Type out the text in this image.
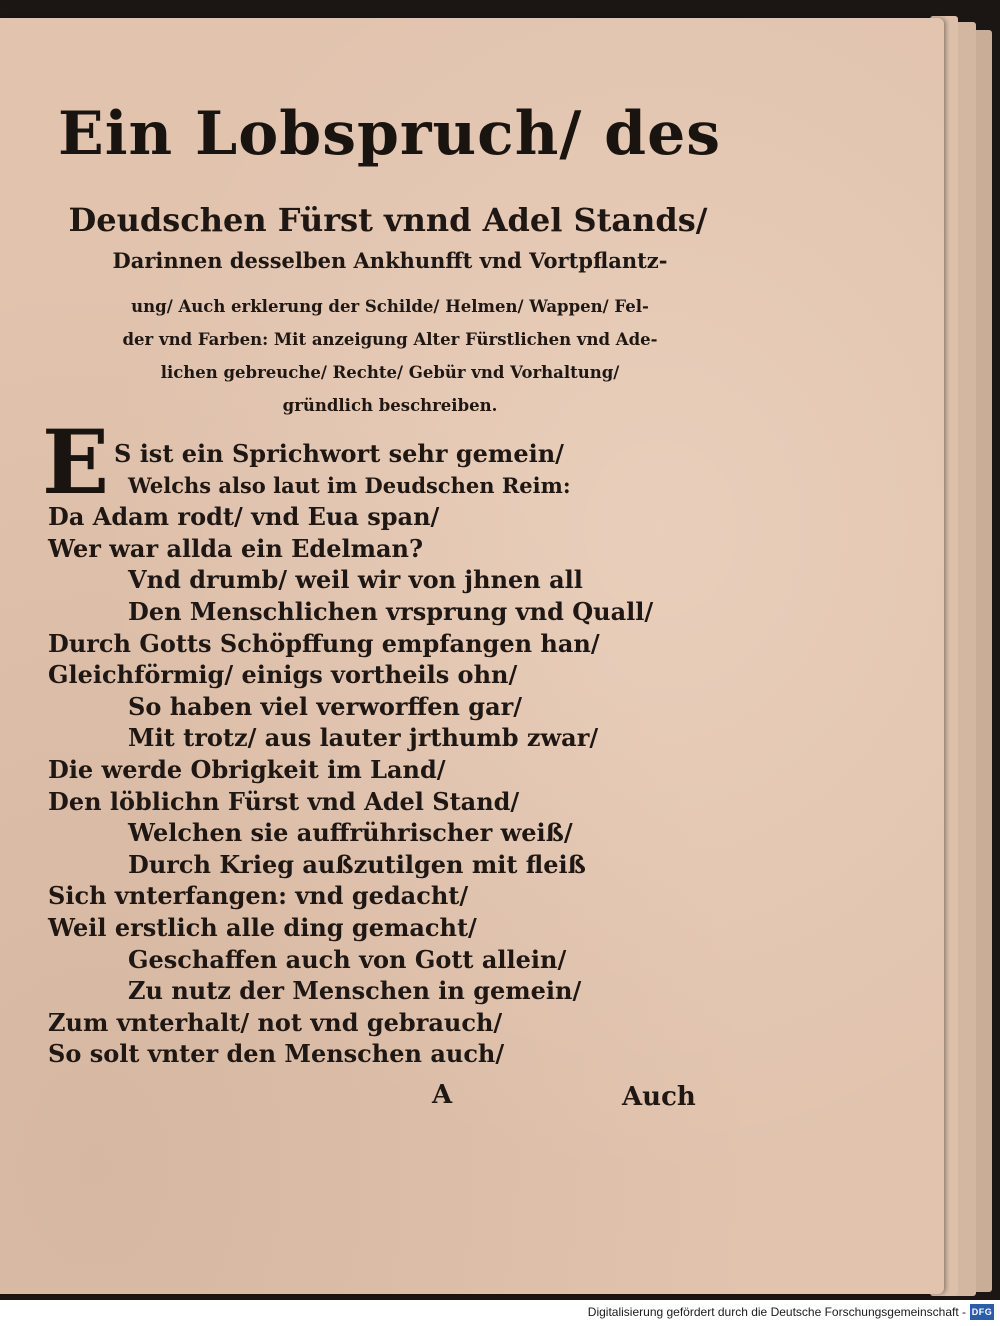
Ein Lobspruch/ des
Deudschen Fürst vnnd Adel Stands/
Darinnen desselben Ankhunfft vnd Vortpflantz-
ung/ Auch erklerung der Schilde/ Helmen/ Wappen/ Fel-
der vnd Farben: Mit anzeigung Alter Fürstlichen vnd Ade-
lichen gebreuche/ Rechte/ Gebür vnd Vorhaltung/
gründlich beschreiben.
E S ist ein Sprichwort sehr gemein/
Welchs also laut im Deudschen Reim:
Da Adam rodt/ vnd Eua span/
Wer war allda ein Edelman?
Vnd drumb/ weil wir von jhnen all
Den Menschlichen vrsprung vnd Quall/
Durch Gotts Schöpffung empfangen han/
Gleichförmig/ einigs vortheils ohn/
So haben viel verworffen gar/
Mit trotz/ aus lauter jrthumb zwar/
Die werde Obrigkeit im Land/
Den löblichn Fürst vnd Adel Stand/
Welchen sie auffrührischer weiß/
Durch Krieg außzutilgen mit fleiß
Sich vnterfangen: vnd gedacht/
Weil erstlich alle ding gemacht/
Geschaffen auch von Gott allein/
Zu nutz der Menschen in gemein/
Zum vnterhalt/ not vnd gebrauch/
So solt vnter den Menschen auch/
A	Auch
Digitalisierung gefördert durch die Deutsche Forschungsgemeinschaft - DFG
